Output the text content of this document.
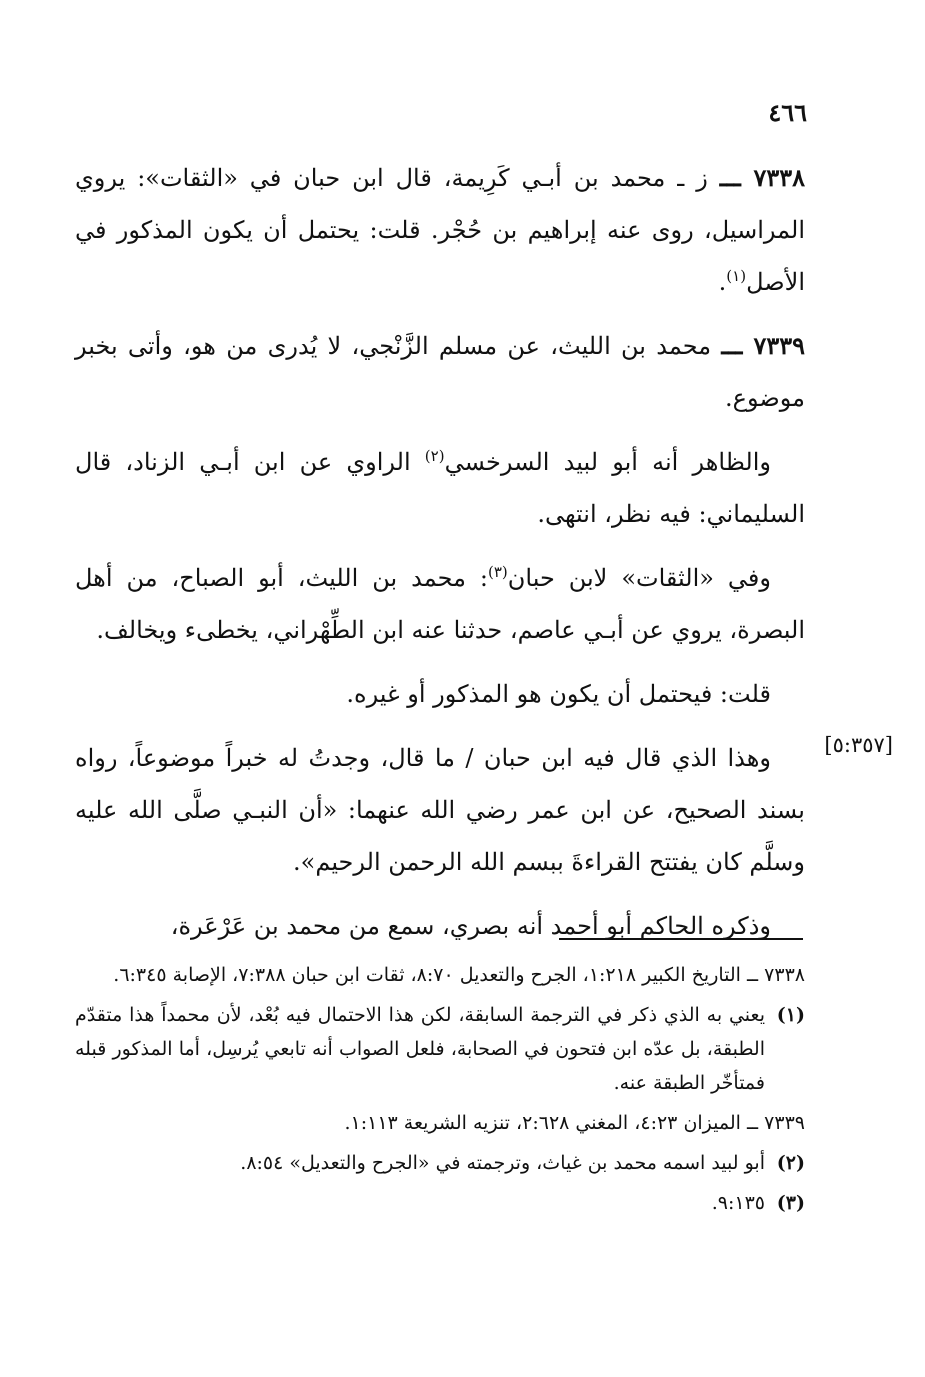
٤٦٦

٧٣٣٨ ـــ ز ـ محمد بن أبـي كَرِيمة، قال ابن حبان في «الثقات»: يروي المراسيل، روى عنه إبراهيم بن حُجْر. قلت: يحتمل أن يكون المذكور في الأصل$^{(١)}$.

٧٣٣٩ ـــ محمد بن الليث، عن مسلم الزَّنْجي، لا يُدرى من هو، وأتى بخبر موضوع.

والظاهر أنه أبو لبيد السرخسي$^{(٢)}$ الراوي عن ابن أبـي الزناد، قال السليماني: فيه نظر، انتهى.

وفي «الثقات» لابن حبان$^{(٣)}$: محمد بن الليث، أبو الصباح، من أهل البصرة، يروي عن أبـي عاصم، حدثنا عنه ابن الطِّهْراني، يخطىء ويخالف.

قلت: فيحتمل أن يكون هو المذكور أو غيره.

وهذا الذي قال فيه ابن حبان / ما قال، وجدتُ له خبراً موضوعاً، رواه بسند الصحيح، عن ابن عمر رضي الله عنهما: «أن النبـي صلَّى الله عليه وسلَّم كان يفتتح القراءةَ ببسم الله الرحمن الرحيم».

وذكره الحاكم أبو أحمد أنه بصري، سمع من محمد بن عَرْعَرة،

[٥:٣٥٧]
٧٣٣٨ ــ التاريخ الكبير ١:٢١٨، الجرح والتعديل ٨:٧٠، ثقات ابن حبان ٧:٣٨٨، الإصابة ٦:٣٤٥.
(١)
يعني به الذي ذكر في الترجمة السابقة، لكن هذا الاحتمال فيه بُعْد، لأن محمداً هذا متقدّم الطبقة، بل عدّه ابن فتحون في الصحابة، فلعل الصواب أنه تابعي يُرسِل، أما المذكور قبله فمتأخّر الطبقة عنه.
٧٣٣٩ ــ الميزان ٤:٢٣، المغني ٢:٦٢٨، تنزيه الشريعة ١:١١٣.
(٢)
أبو لبيد اسمه محمد بن غياث، وترجمته في «الجرح والتعديل» ٨:٥٤.
(٣)
٩:١٣٥.
